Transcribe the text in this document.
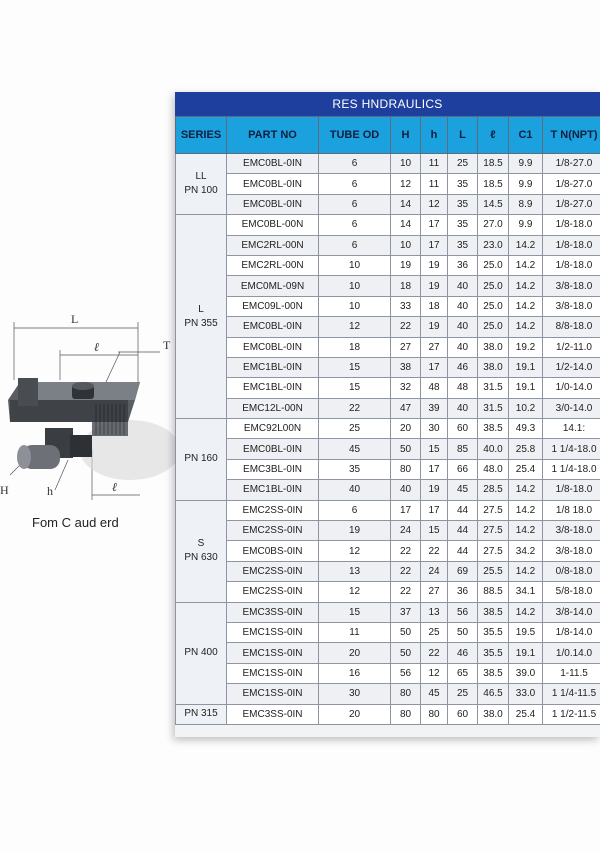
L
ℓ	T
H	h	ℓ
Fom C aud erd
RES HNDRAULICS
SERIES	PART NO	TUBE OD	H	h	L	ℓ	C1	T N(NPT)

LL
PN 100	EMC0BL-0IN	6	10	11	25	18.5	9.9	1/8-27.0
	EMC0BL-0IN	6	12	11	35	18.5	9.9	1/8-27.0
	EMC0BL-0IN	6	14	12	35	14.5	8.9	1/8-27.0

L
PN 355	EMC0BL-00N	6	14	17	35	27.0	9.9	1/8-18.0
	EMC2RL-00N	6	10	17	35	23.0	14.2	1/8-18.0
	EMC2RL-00N	10	19	19	36	25.0	14.2	1/8-18.0
	EMC0ML-09N	10	18	19	40	25.0	14.2	3/8-18.0
	EMC09L-00N	10	33	18	40	25.0	14.2	3/8-18.0
	EMC0BL-0IN	12	22	19	40	25.0	14.2	8/8-18.0
	EMC0BL-0IN	18	27	27	40	38.0	19.2	1/2-11.0
	EMC1BL-0IN	15	38	17	46	38.0	19.1	1/2-14.0
	EMC1BL-0IN	15	32	48	48	31.5	19.1	1/0-14.0
	EMC12L-00N	22	47	39	40	31.5	10.2	3/0-14.0

PN 160	EMC92L00N	25	20	30	60	38.5	49.3	14.1:
	EMC0BL-0IN	45	50	15	85	40.0	25.8	1 1/4-18.0
	EMC3BL-0IN	35	80	17	66	48.0	25.4	1 1/4-18.0
	EMC1BL-0IN	40	40	19	45	28.5	14.2	1/8-18.0

S
PN 630	EMC2SS-0IN	6	17	17	44	27.5	14.2	1/8 18.0
	EMC2SS-0IN	19	24	15	44	27.5	14.2	3/8-18.0
	EMC0BS-0IN	12	22	22	44	27.5	34.2	3/8-18.0
	EMC2SS-0IN	13	22	24	69	25.5	14.2	0/8-18.0
	EMC2SS-0IN	12	22	27	36	88.5	34.1	5/8-18.0

PN 400	EMC3SS-0IN	15	37	13	56	38.5	14.2	3/8-14.0
	EMC1SS-0IN	11	50	25	50	35.5	19.5	1/8-14.0
	EMC1SS-0IN	20	50	22	46	35.5	19.1	1/0.14.0
	EMC1SS-0IN	16	56	12	65	38.5	39.0	1-11.5
	EMC1SS-0IN	30	80	45	25	46.5	33.0	1 1/4-11.5

PN 315	EMC3SS-0IN	20	80	80	60	38.0	25.4	1 1/2-11.5
